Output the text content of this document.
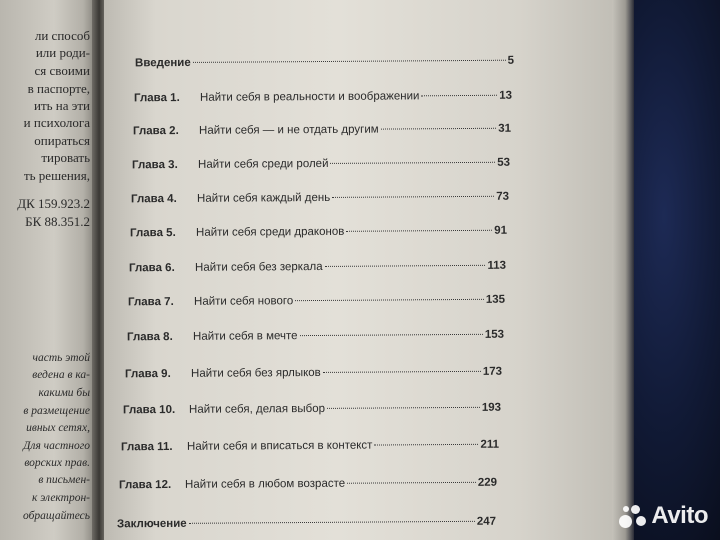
ли способ
или роди-
ся своими
в паспорте,
ить на эти
и психолога
опираться
тировать
ть решения,
ДК 159.923.2
БК 88.351.2
часть этой
ведена в ка-
какими бы
в размещение
ивных сетях,
Для частного
ворских прав.
в письмен-
к электрон-
обращайтесь
Введение	5
Глава 1.	Найти себя в реальности и воображении	13
Глава 2.	Найти себя — и не отдать другим	31
Глава 3.	Найти себя среди ролей	53
Глава 4.	Найти себя каждый день	73
Глава 5.	Найти себя среди драконов	91
Глава 6.	Найти себя без зеркала	113
Глава 7.	Найти себя нового	135
Глава 8.	Найти себя в мечте	153
Глава 9.	Найти себя без ярлыков	173
Глава 10.	Найти себя, делая выбор	193
Глава 11.	Найти себя и вписаться в контекст	211
Глава 12.	Найти себя в любом возрасте	229
Заключение	247	Avito
